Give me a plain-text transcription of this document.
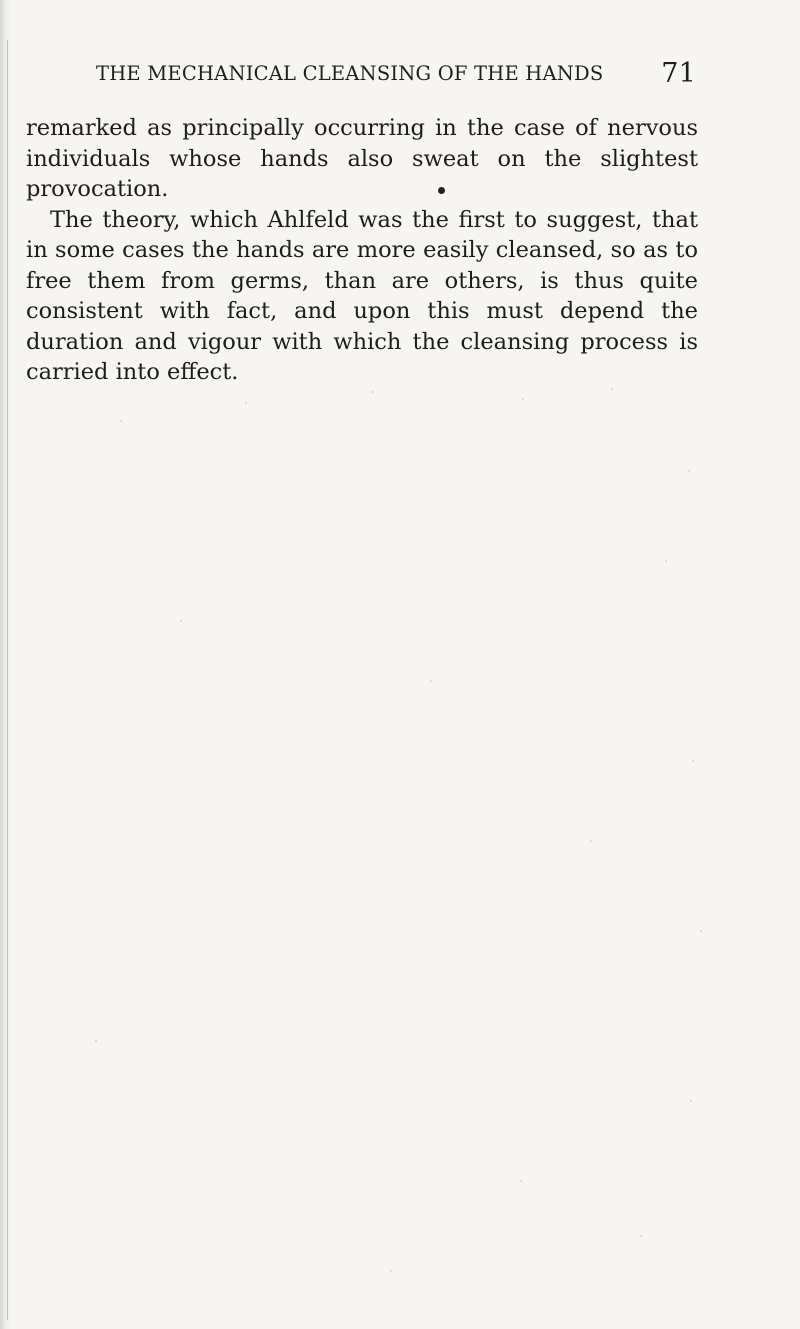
THE MECHANICAL CLEANSING OF THE HANDS 71

remarked as principally occurring in the case of nervous individuals whose hands also sweat on the slightest provocation.

The theory, which Ahlfeld was the first to suggest, that in some cases the hands are more easily cleansed, so as to free them from germs, than are others, is thus quite consistent with fact, and upon this must depend the duration and vigour with which the cleansing process is carried into effect.
